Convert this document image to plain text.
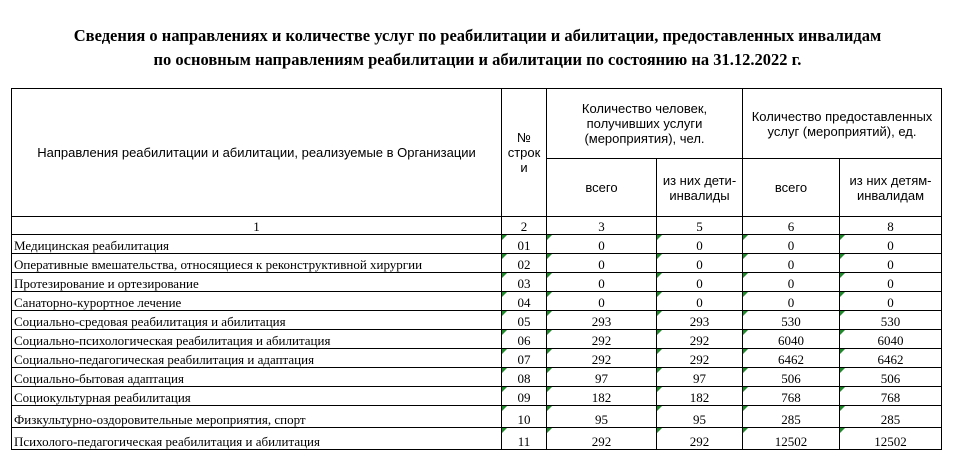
Сведения о направлениях и количестве услуг по реабилитации и абилитации, предоставленных инвалидам
по основным направлениям реабилитации и абилитации по состоянию на 31.12.2022 г.
Направления реабилитации и абилитации, реализуемые в Организации	№ строк и	Количество человек, получивших услуги (мероприятия), чел.		Количество предоставленных услуг (мероприятий), ед.	
		всего	из них дети-инвалиды	всего	из них детям-инвалидам
1	2	3	5	6	8
Медицинская реабилитация	01	0	0	0	0
Оперативные вмешательства, относящиеся к реконструктивной хирургии	02	0	0	0	0
Протезирование и ортезирование	03	0	0	0	0
Санаторно-курортное лечение	04	0	0	0	0
Социально-средовая реабилитация и абилитация	05	293	293	530	530
Социально-психологическая реабилитация и абилитация	06	292	292	6040	6040
Социально-педагогическая реабилитация и адаптация	07	292	292	6462	6462
Социально-бытовая адаптация	08	97	97	506	506
Социокультурная реабилитация	09	182	182	768	768
Физкультурно-оздоровительные мероприятия, спорт	10	95	95	285	285
Психолого-педагогическая реабилитация и абилитация	11	292	292	12502	12502
